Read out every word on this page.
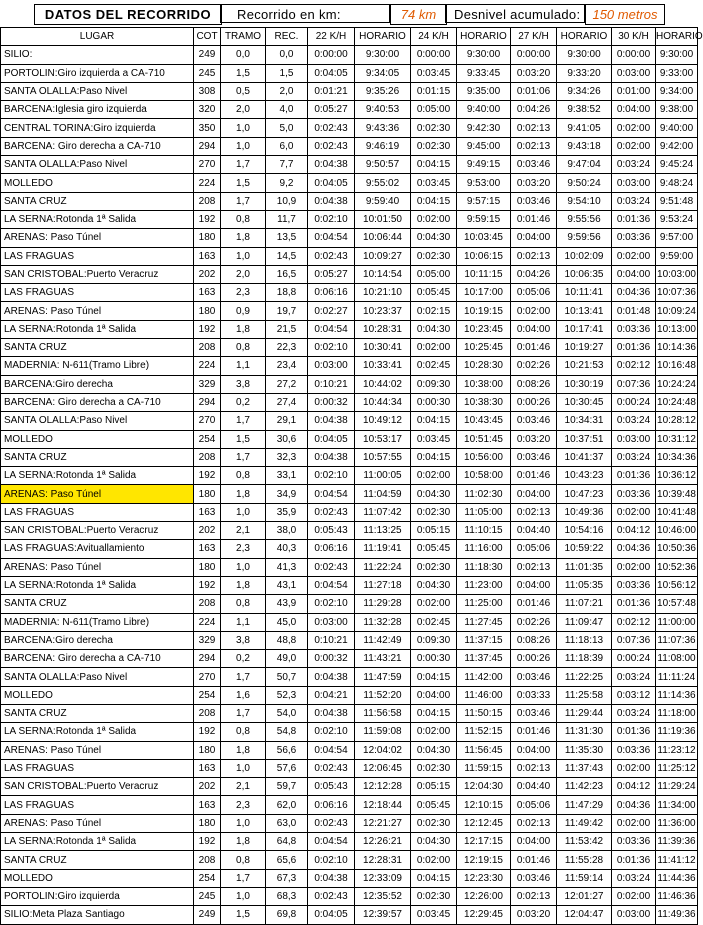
DATOS DEL RECORRIDO	Recorrido en km:	74 km	Desnivel acumulado: 150 metros
LUGAR	COT	TRAMO	REC.	22 K/H	HORARIO	24 K/H	HORARIO	27 K/H	HORARIO	30 K/H	HORARIO
SILIO:	249	0,0	0,0	0:00:00	9:30:00	0:00:00	9:30:00	0:00:00	9:30:00	0:00:00	9:30:00
PORTOLIN:Giro izquierda a CA-710	245	1,5	1,5	0:04:05	9:34:05	0:03:45	9:33:45	0:03:20	9:33:20	0:03:00	9:33:00
SANTA OLALLA:Paso Nivel	308	0,5	2,0	0:01:21	9:35:26	0:01:15	9:35:00	0:01:06	9:34:26	0:01:00	9:34:00
BARCENA:Iglesia giro izquierda	320	2,0	4,0	0:05:27	9:40:53	0:05:00	9:40:00	0:04:26	9:38:52	0:04:00	9:38:00
CENTRAL TORINA:Giro izquierda	350	1,0	5,0	0:02:43	9:43:36	0:02:30	9:42:30	0:02:13	9:41:05	0:02:00	9:40:00
BARCENA: Giro derecha a CA-710	294	1,0	6,0	0:02:43	9:46:19	0:02:30	9:45:00	0:02:13	9:43:18	0:02:00	9:42:00
SANTA OLALLA:Paso Nivel	270	1,7	7,7	0:04:38	9:50:57	0:04:15	9:49:15	0:03:46	9:47:04	0:03:24	9:45:24
MOLLEDO	224	1,5	9,2	0:04:05	9:55:02	0:03:45	9:53:00	0:03:20	9:50:24	0:03:00	9:48:24
SANTA CRUZ	208	1,7	10,9	0:04:38	9:59:40	0:04:15	9:57:15	0:03:46	9:54:10	0:03:24	9:51:48
LA SERNA:Rotonda 1ª Salida	192	0,8	11,7	0:02:10	10:01:50	0:02:00	9:59:15	0:01:46	9:55:56	0:01:36	9:53:24
ARENAS: Paso Túnel	180	1,8	13,5	0:04:54	10:06:44	0:04:30	10:03:45	0:04:00	9:59:56	0:03:36	9:57:00
LAS FRAGUAS	163	1,0	14,5	0:02:43	10:09:27	0:02:30	10:06:15	0:02:13	10:02:09	0:02:00	9:59:00
SAN CRISTOBAL:Puerto Veracruz	202	2,0	16,5	0:05:27	10:14:54	0:05:00	10:11:15	0:04:26	10:06:35	0:04:00	10:03:00
LAS FRAGUAS	163	2,3	18,8	0:06:16	10:21:10	0:05:45	10:17:00	0:05:06	10:11:41	0:04:36	10:07:36
ARENAS: Paso Túnel	180	0,9	19,7	0:02:27	10:23:37	0:02:15	10:19:15	0:02:00	10:13:41	0:01:48	10:09:24
LA SERNA:Rotonda 1ª Salida	192	1,8	21,5	0:04:54	10:28:31	0:04:30	10:23:45	0:04:00	10:17:41	0:03:36	10:13:00
SANTA CRUZ	208	0,8	22,3	0:02:10	10:30:41	0:02:00	10:25:45	0:01:46	10:19:27	0:01:36	10:14:36
MADERNIA: N-611(Tramo Libre)	224	1,1	23,4	0:03:00	10:33:41	0:02:45	10:28:30	0:02:26	10:21:53	0:02:12	10:16:48
BARCENA:Giro derecha	329	3,8	27,2	0:10:21	10:44:02	0:09:30	10:38:00	0:08:26	10:30:19	0:07:36	10:24:24
BARCENA: Giro derecha a CA-710	294	0,2	27,4	0:00:32	10:44:34	0:00:30	10:38:30	0:00:26	10:30:45	0:00:24	10:24:48
SANTA OLALLA:Paso Nivel	270	1,7	29,1	0:04:38	10:49:12	0:04:15	10:43:45	0:03:46	10:34:31	0:03:24	10:28:12
MOLLEDO	254	1,5	30,6	0:04:05	10:53:17	0:03:45	10:51:45	0:03:20	10:37:51	0:03:00	10:31:12
SANTA CRUZ	208	1,7	32,3	0:04:38	10:57:55	0:04:15	10:56:00	0:03:46	10:41:37	0:03:24	10:34:36
LA SERNA:Rotonda 1ª Salida	192	0,8	33,1	0:02:10	11:00:05	0:02:00	10:58:00	0:01:46	10:43:23	0:01:36	10:36:12
ARENAS: Paso Túnel	180	1,8	34,9	0:04:54	11:04:59	0:04:30	11:02:30	0:04:00	10:47:23	0:03:36	10:39:48
LAS FRAGUAS	163	1,0	35,9	0:02:43	11:07:42	0:02:30	11:05:00	0:02:13	10:49:36	0:02:00	10:41:48
SAN CRISTOBAL:Puerto Veracruz	202	2,1	38,0	0:05:43	11:13:25	0:05:15	11:10:15	0:04:40	10:54:16	0:04:12	10:46:00
LAS FRAGUAS:Avituallamiento	163	2,3	40,3	0:06:16	11:19:41	0:05:45	11:16:00	0:05:06	10:59:22	0:04:36	10:50:36
ARENAS: Paso Túnel	180	1,0	41,3	0:02:43	11:22:24	0:02:30	11:18:30	0:02:13	11:01:35	0:02:00	10:52:36
LA SERNA:Rotonda 1ª Salida	192	1,8	43,1	0:04:54	11:27:18	0:04:30	11:23:00	0:04:00	11:05:35	0:03:36	10:56:12
SANTA CRUZ	208	0,8	43,9	0:02:10	11:29:28	0:02:00	11:25:00	0:01:46	11:07:21	0:01:36	10:57:48
MADERNIA: N-611(Tramo Libre)	224	1,1	45,0	0:03:00	11:32:28	0:02:45	11:27:45	0:02:26	11:09:47	0:02:12	11:00:00
BARCENA:Giro derecha	329	3,8	48,8	0:10:21	11:42:49	0:09:30	11:37:15	0:08:26	11:18:13	0:07:36	11:07:36
BARCENA: Giro derecha a CA-710	294	0,2	49,0	0:00:32	11:43:21	0:00:30	11:37:45	0:00:26	11:18:39	0:00:24	11:08:00
SANTA OLALLA:Paso Nivel	270	1,7	50,7	0:04:38	11:47:59	0:04:15	11:42:00	0:03:46	11:22:25	0:03:24	11:11:24
MOLLEDO	254	1,6	52,3	0:04:21	11:52:20	0:04:00	11:46:00	0:03:33	11:25:58	0:03:12	11:14:36
SANTA CRUZ	208	1,7	54,0	0:04:38	11:56:58	0:04:15	11:50:15	0:03:46	11:29:44	0:03:24	11:18:00
LA SERNA:Rotonda 1ª Salida	192	0,8	54,8	0:02:10	11:59:08	0:02:00	11:52:15	0:01:46	11:31:30	0:01:36	11:19:36
ARENAS: Paso Túnel	180	1,8	56,6	0:04:54	12:04:02	0:04:30	11:56:45	0:04:00	11:35:30	0:03:36	11:23:12
LAS FRAGUAS	163	1,0	57,6	0:02:43	12:06:45	0:02:30	11:59:15	0:02:13	11:37:43	0:02:00	11:25:12
SAN CRISTOBAL:Puerto Veracruz	202	2,1	59,7	0:05:43	12:12:28	0:05:15	12:04:30	0:04:40	11:42:23	0:04:12	11:29:24
LAS FRAGUAS	163	2,3	62,0	0:06:16	12:18:44	0:05:45	12:10:15	0:05:06	11:47:29	0:04:36	11:34:00
ARENAS: Paso Túnel	180	1,0	63,0	0:02:43	12:21:27	0:02:30	12:12:45	0:02:13	11:49:42	0:02:00	11:36:00
LA SERNA:Rotonda 1ª Salida	192	1,8	64,8	0:04:54	12:26:21	0:04:30	12:17:15	0:04:00	11:53:42	0:03:36	11:39:36
SANTA CRUZ	208	0,8	65,6	0:02:10	12:28:31	0:02:00	12:19:15	0:01:46	11:55:28	0:01:36	11:41:12
MOLLEDO	254	1,7	67,3	0:04:38	12:33:09	0:04:15	12:23:30	0:03:46	11:59:14	0:03:24	11:44:36
PORTOLIN:Giro izquierda	245	1,0	68,3	0:02:43	12:35:52	0:02:30	12:26:00	0:02:13	12:01:27	0:02:00	11:46:36
SILIO:Meta Plaza Santiago	249	1,5	69,8	0:04:05	12:39:57	0:03:45	12:29:45	0:03:20	12:04:47	0:03:00	11:49:36
